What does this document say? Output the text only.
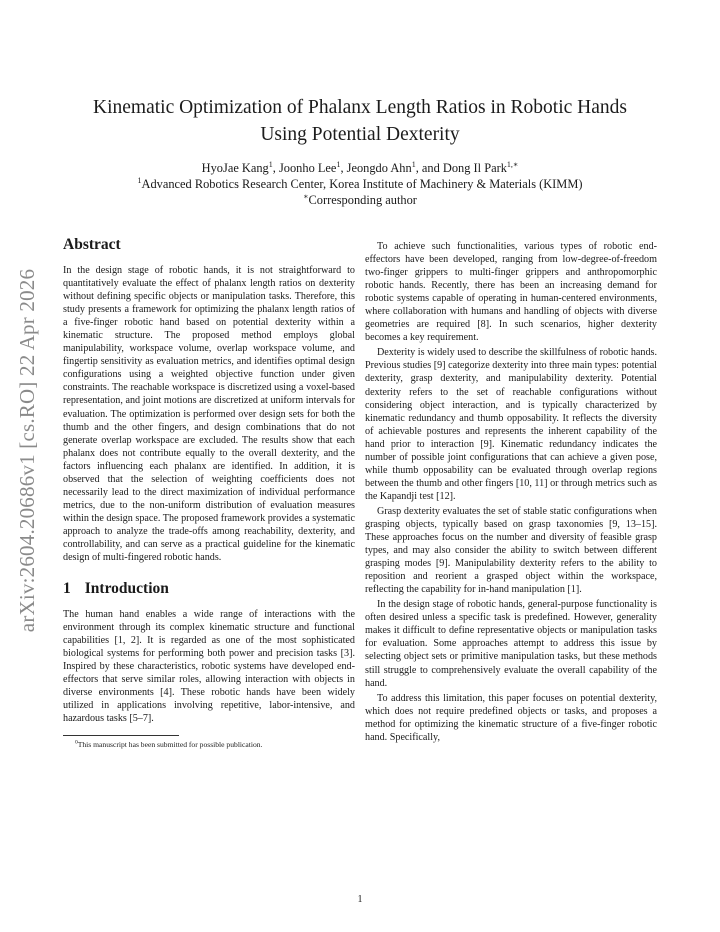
arXiv:2604.20686v1 [cs.RO] 22 Apr 2026
Kinematic Optimization of Phalanx Length Ratios in Robotic Hands
Using Potential Dexterity
HyoJae Kang$^1$, Joonho Lee$^1$, Jeongdo Ahn$^1$, and Dong Il Park$^{1,∗}$
$^1$Advanced Robotics Research Center, Korea Institute of Machinery & Materials (KIMM)
∗Corresponding author
Abstract

In the design stage of robotic hands, it is not straightforward to quantitatively evaluate the effect of phalanx length ratios on dexterity without defining specific objects or manipulation tasks. Therefore, this study presents a framework for optimizing the phalanx length ratios of a five-finger robotic hand based on potential dexterity within a kinematic structure. The proposed method employs global manipulability, workspace volume, overlap workspace volume, and fingertip sensitivity as evaluation metrics, and identifies optimal design configurations using a weighted objective function under given constraints. The reachable workspace is discretized using a voxel-based representation, and joint motions are discretized at uniform intervals for evaluation. The optimization is performed over design sets for both the thumb and the other fingers, and design combinations that do not generate overlap workspace are excluded. The results show that each phalanx does not contribute equally to the overall dexterity, and the factors influencing each phalanx are identified. In addition, it is observed that the selection of weighting coefficients does not necessarily lead to the direct maximization of individual performance metrics, due to the non-uniform distribution of evaluation measures within the design space. The proposed framework provides a systematic approach to analyze the trade-offs among reachability, dexterity, and controllability, and can serve as a practical guideline for the kinematic design of multi-fingered robotic hands.

1 Introduction

The human hand enables a wide range of interactions with the environment through its complex kinematic structure and functional capabilities [1, 2]. It is regarded as one of the most sophisticated biological systems for performing both power and precision tasks [3]. Inspired by these characteristics, robotic systems have developed end-effectors that serve similar roles, allowing interaction with objects in diverse environments [4]. These robotic hands have been widely utilized in applications involving repetitive, labor-intensive, and hazardous tasks [5–7].

$^0$This manuscript has been submitted for possible publication.

To achieve such functionalities, various types of robotic end-effectors have been developed, ranging from low-degree-of-freedom two-finger grippers to multi-finger grippers and anthropomorphic robotic hands. Recently, there has been an increasing demand for robotic systems capable of operating in human-centered environments, where collaboration with humans and handling of objects with diverse geometries are required [8]. In such scenarios, higher dexterity becomes a key requirement.

Dexterity is widely used to describe the skillfulness of robotic hands. Previous studies [9] categorize dexterity into three main types: potential dexterity, grasp dexterity, and manipulability dexterity. Potential dexterity refers to the set of reachable configurations without considering object interaction, and is typically characterized by kinematic redundancy and thumb opposability. It reflects the diversity of achievable postures and represents the inherent capability of the hand prior to interaction [9]. Kinematic redundancy indicates the number of possible joint configurations that can achieve a given pose, while thumb opposability can be evaluated through overlap regions between the thumb and other fingers [10, 11] or through metrics such as the Kapandji test [12].

Grasp dexterity evaluates the set of stable static configurations when grasping objects, typically based on grasp taxonomies [9, 13–15]. These approaches focus on the number and diversity of feasible grasp types, and may also consider the ability to switch between different grasping modes [9]. Manipulability dexterity refers to the ability to reposition and reorient a grasped object within the workspace, reflecting the capability for in-hand manipulation [1].

In the design stage of robotic hands, general-purpose functionality is often desired unless a specific task is predefined. However, generality makes it difficult to define representative objects or manipulation tasks for evaluation. Some approaches attempt to address this issue by selecting object sets or primitive manipulation tasks, but these methods still struggle to comprehensively evaluate the overall capability of the hand.

To address this limitation, this paper focuses on potential dexterity, which does not require predefined objects or tasks, and proposes a method for optimizing the kinematic structure of a five-finger robotic hand. Specifically,

1
